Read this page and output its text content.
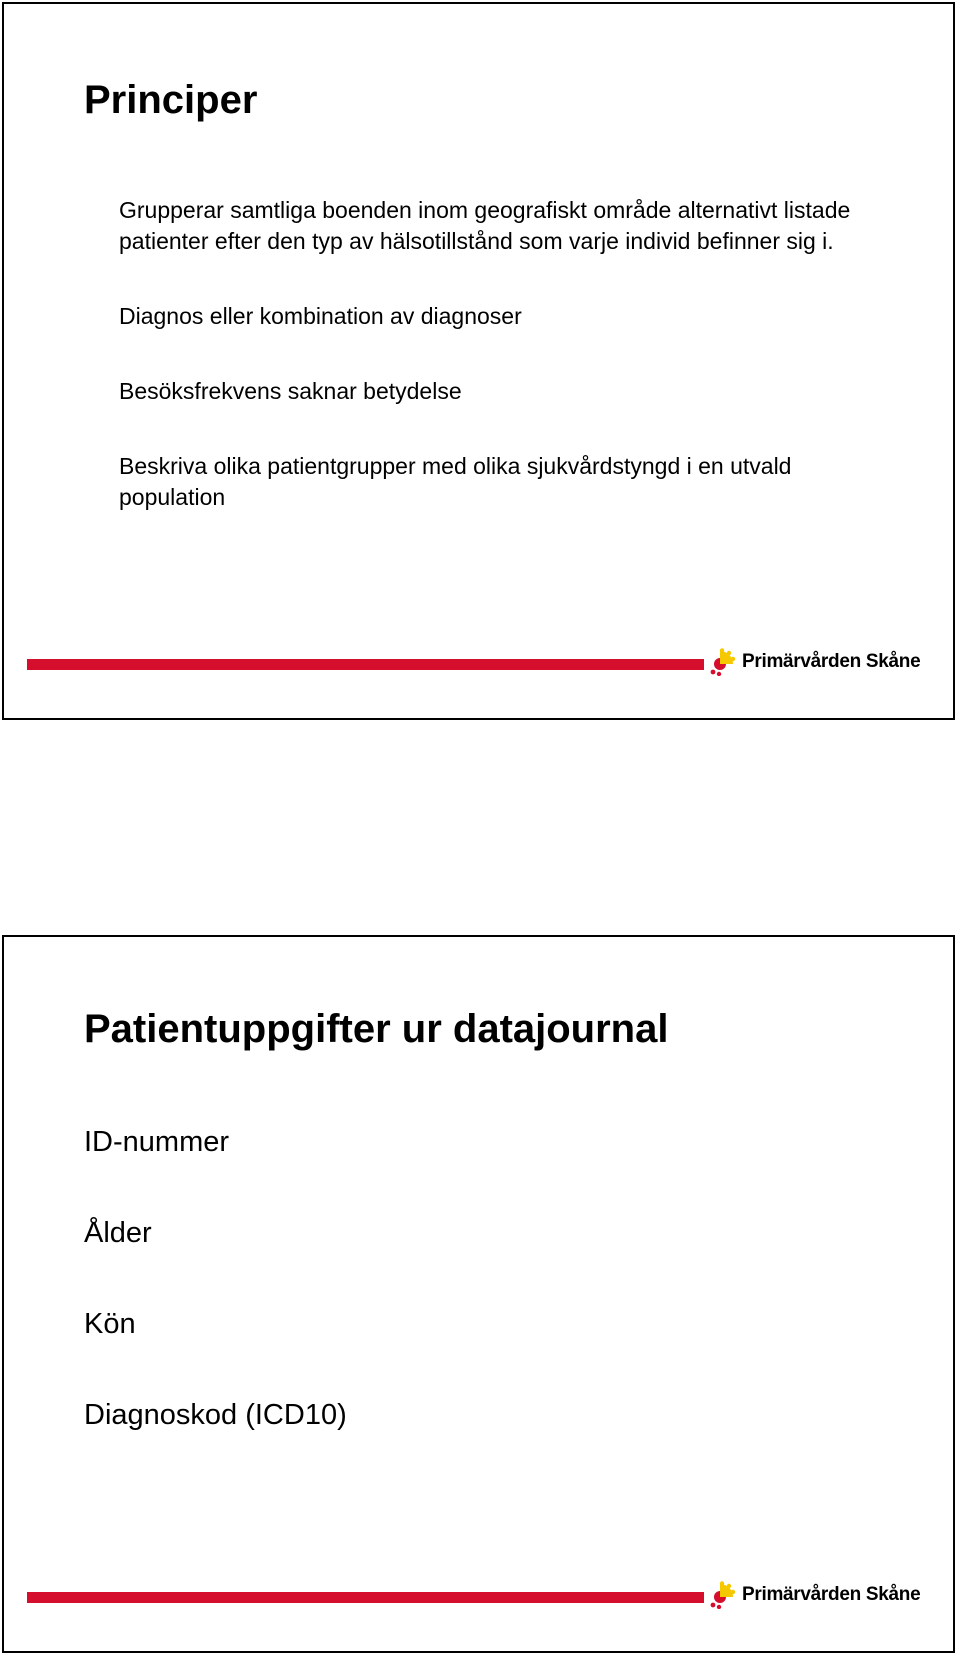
Principer

Grupperar samtliga boenden inom geografiskt område alternativt listade patienter efter den typ av hälsotillstånd som varje individ befinner sig i.

Diagnos eller kombination av diagnoser

Besöksfrekvens saknar betydelse

Beskriva olika patientgrupper med olika sjukvårdstyngd i en utvald population

Primärvården Skåne
Patientuppgifter ur datajournal

ID-nummer

Ålder

Kön

Diagnoskod (ICD10)

Primärvården Skåne
